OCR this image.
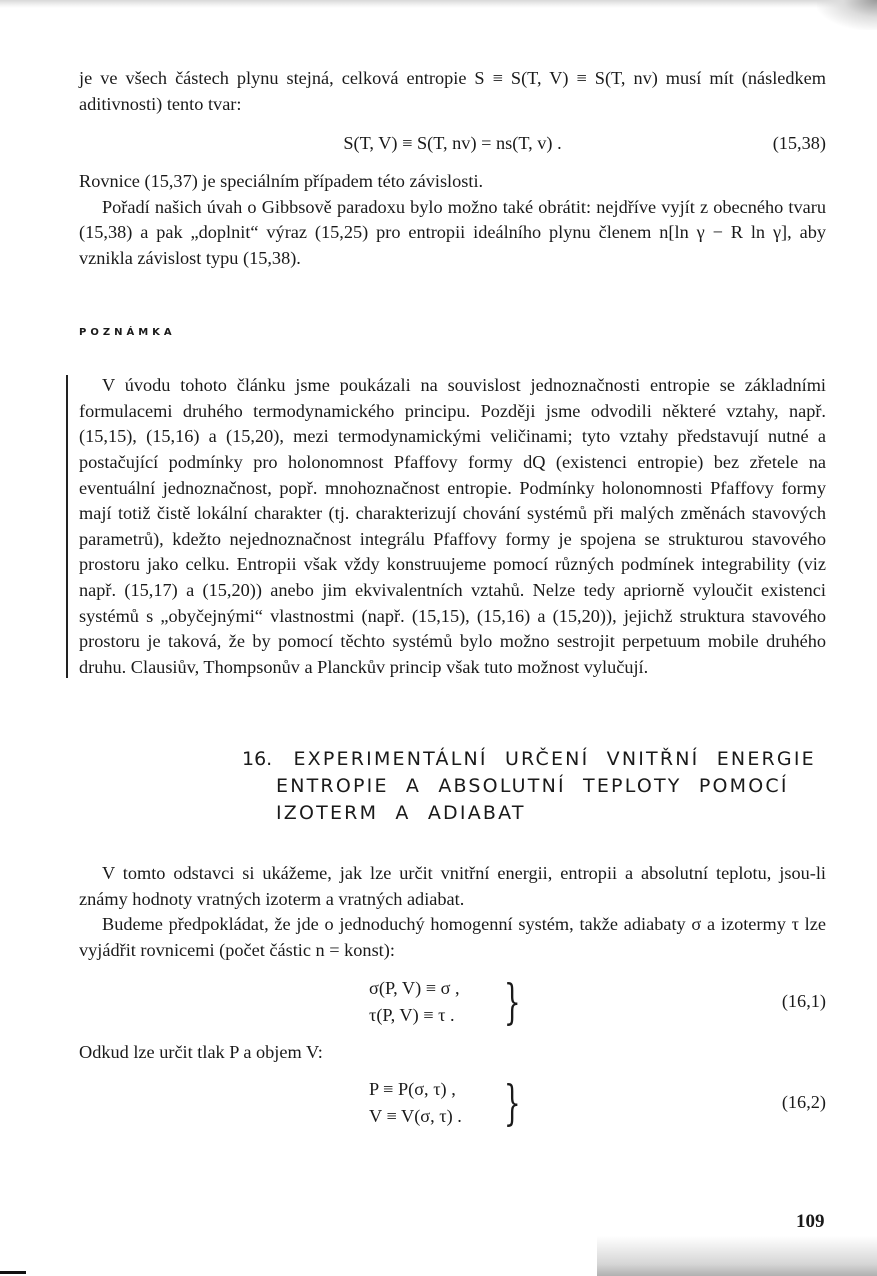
je ve všech částech plynu stejná, celková entropie S ≡ S(T, V) ≡ S(T, nv) musí mít (následkem aditivnosti) tento tvar:

S(T, V) ≡ S(T, nv) = ns(T, v) .	(15,38)

Rovnice (15,37) je speciálním případem této závislosti.

Pořadí našich úvah o Gibbsově paradoxu bylo možno také obrátit: nejdříve vyjít z obecného tvaru (15,38) a pak „doplnit“ výraz (15,25) pro entropii ideálního plynu členem n[ln γ − R ln γ], aby vznikla závislost typu (15,38).

POZNÁMKA

V úvodu tohoto článku jsme poukázali na souvislost jednoznačnosti entropie se základními formulacemi druhého termodynamického principu. Později jsme odvodili některé vztahy, např. (15,15), (15,16) a (15,20), mezi termodynamickými veličinami; tyto vztahy představují nutné a postačující podmínky pro holonomnost Pfaffovy formy dQ (existenci entropie) bez zřetele na eventuální jednoznačnost, popř. mnohoznačnost entropie. Podmínky holonomnosti Pfaffovy formy mají totiž čistě lokální charakter (tj. charakterizují chování systémů při malých změnách stavových parametrů), kdežto nejednoznačnost integrálu Pfaffovy formy je spojena se strukturou stavového prostoru jako celku. Entropii však vždy konstruujeme pomocí různých podmínek integrability (viz např. (15,17) a (15,20)) anebo jim ekvivalentních vztahů. Nelze tedy apriorně vyloučit existenci systémů s „obyčejnými“ vlastnostmi (např. (15,15), (15,16) a (15,20)), jejichž struktura stavového prostoru je taková, že by pomocí těchto systémů bylo možno sestrojit perpetuum mobile druhého druhu. Clausiův, Thompsonův a Planckův princip však tuto možnost vylučují.

16. EXPERIMENTÁLNÍ URČENÍ VNITŘNÍ ENERGIE
ENTROPIE A ABSOLUTNÍ TEPLOTY POMOCÍ
IZOTERM A ADIABAT

V tomto odstavci si ukážeme, jak lze určit vnitřní energii, entropii a absolutní teplotu, jsou-li známy hodnoty vratných izoterm a vratných adiabat.

Budeme předpokládat, že jde o jednoduchý homogenní systém, takže adiabaty σ a izotermy τ lze vyjádřit rovnicemi (počet částic n = konst):

σ(P, V) ≡ σ ,
τ(P, V) ≡ τ . }	(16,1)

Odkud lze určit tlak P a objem V:

P ≡ P(σ, τ) ,
V ≡ V(σ, τ) . }	(16,2)
109
